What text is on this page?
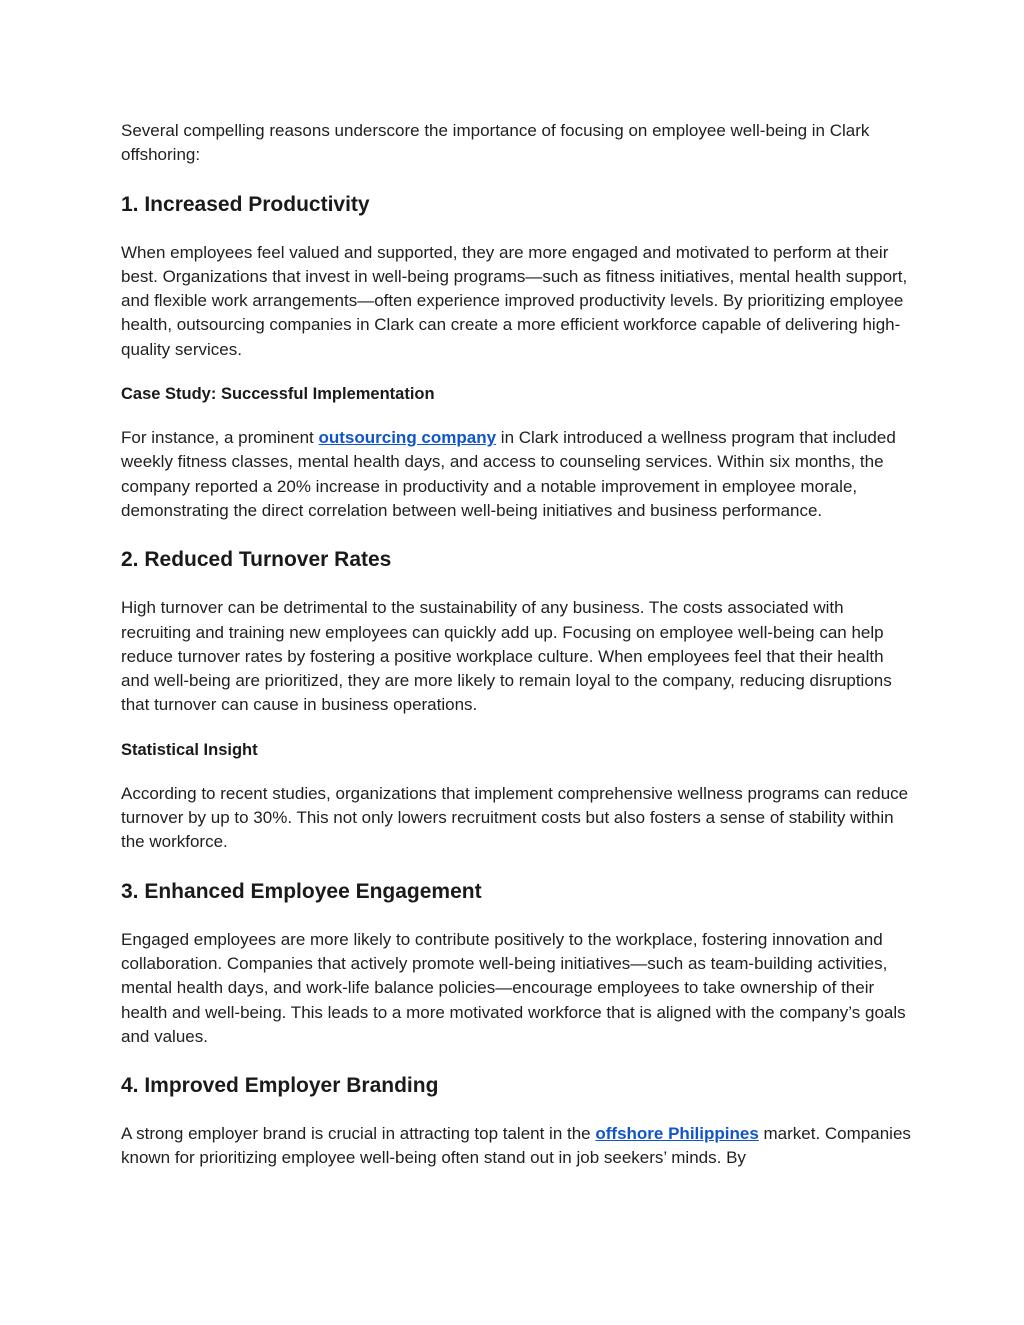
Several compelling reasons underscore the importance of focusing on employee well-being in Clark offshoring:

1. Increased Productivity

When employees feel valued and supported, they are more engaged and motivated to perform at their best. Organizations that invest in well-being programs—such as fitness initiatives, mental health support, and flexible work arrangements—often experience improved productivity levels. By prioritizing employee health, outsourcing companies in Clark can create a more efficient workforce capable of delivering high-quality services.

Case Study: Successful Implementation

For instance, a prominent outsourcing company in Clark introduced a wellness program that included weekly fitness classes, mental health days, and access to counseling services. Within six months, the company reported a 20% increase in productivity and a notable improvement in employee morale, demonstrating the direct correlation between well-being initiatives and business performance.

2. Reduced Turnover Rates

High turnover can be detrimental to the sustainability of any business. The costs associated with recruiting and training new employees can quickly add up. Focusing on employee well-being can help reduce turnover rates by fostering a positive workplace culture. When employees feel that their health and well-being are prioritized, they are more likely to remain loyal to the company, reducing disruptions that turnover can cause in business operations.

Statistical Insight

According to recent studies, organizations that implement comprehensive wellness programs can reduce turnover by up to 30%. This not only lowers recruitment costs but also fosters a sense of stability within the workforce.

3. Enhanced Employee Engagement

Engaged employees are more likely to contribute positively to the workplace, fostering innovation and collaboration. Companies that actively promote well-being initiatives—such as team-building activities, mental health days, and work-life balance policies—encourage employees to take ownership of their health and well-being. This leads to a more motivated workforce that is aligned with the company’s goals and values.

4. Improved Employer Branding

A strong employer brand is crucial in attracting top talent in the offshore Philippines market. Companies known for prioritizing employee well-being often stand out in job seekers’ minds. By
